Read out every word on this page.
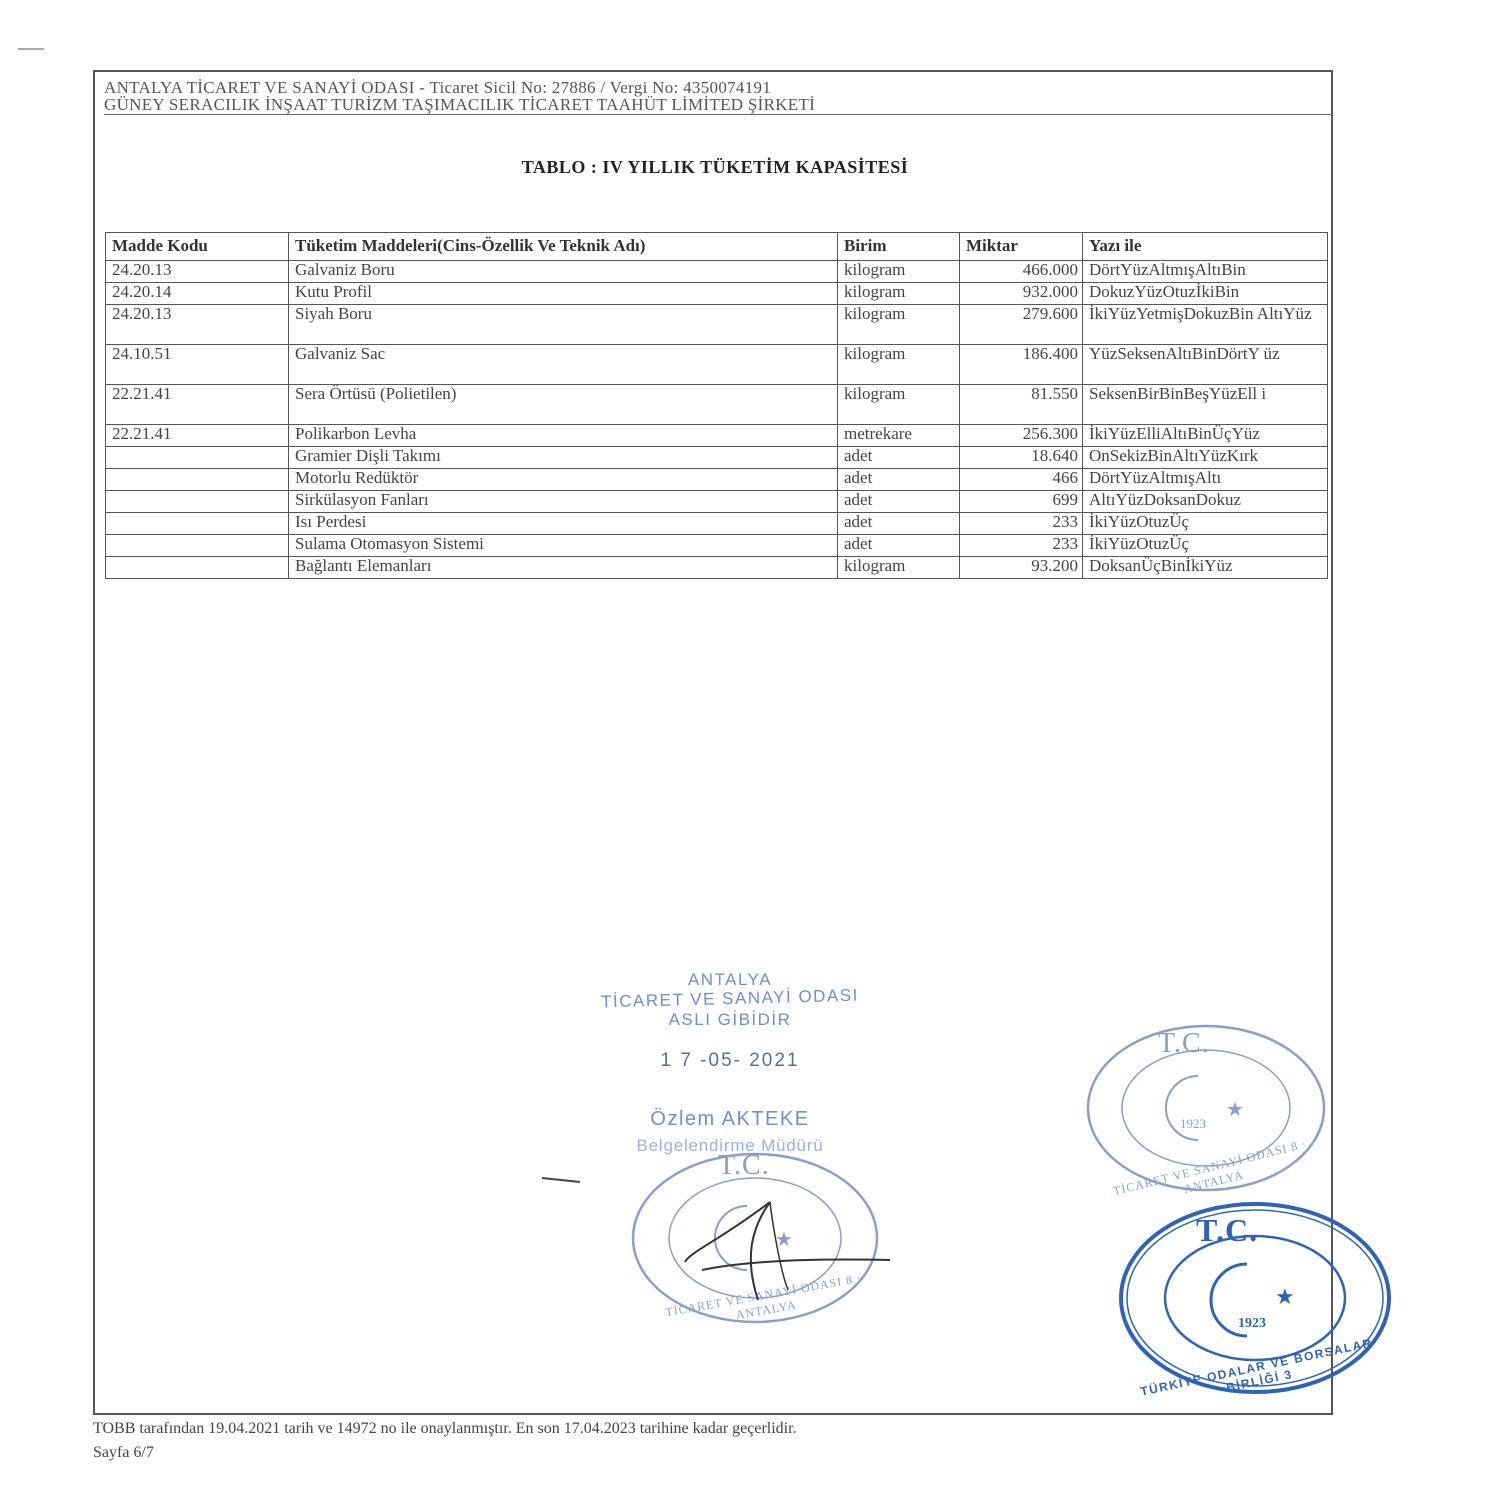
ANTALYA TİCARET VE SANAYİ ODASI - Ticaret Sicil No: 27886 / Vergi No: 4350074191
GÜNEY SERACILIK İNŞAAT TURİZM TAŞIMACILIK TİCARET TAAHÜT LİMİTED ŞİRKETİ
TABLO : IV YILLIK TÜKETİM KAPASİTESİ
Madde Kodu	Tüketim Maddeleri(Cins-Özellik Ve Teknik Adı)	Birim	Miktar	Yazı ile
24.20.13	Galvaniz Boru	kilogram	466.000	DörtYüzAltmışAltıBin
24.20.14	Kutu Profil	kilogram	932.000	DokuzYüzOtuzİkiBin
24.20.13	Siyah Boru	kilogram	279.600	İkiYüzYetmişDokuzBin AltıYüz
24.10.51	Galvaniz Sac	kilogram	186.400	YüzSeksenAltıBinDörtY üz
22.21.41	Sera Örtüsü (Polietilen)	kilogram	81.550	SeksenBirBinBeşYüzEll i
22.21.41	Polikarbon Levha	metrekare	256.300	İkiYüzElliAltıBinÜçYüz
	Gramier Dişli Takımı	adet	18.640	OnSekizBinAltıYüzKırk
	Motorlu Redüktör	adet	466	DörtYüzAltmışAltı
	Sirkülasyon Fanları	adet	699	AltıYüzDoksanDokuz
	Isı Perdesi	adet	233	İkiYüzOtuzÜç
	Sulama Otomasyon Sistemi	adet	233	İkiYüzOtuzÜç
	Bağlantı Elemanları	kilogram	93.200	DoksanÜçBinİkiYüz
ANTALYA
TİCARET VE SANAYİ ODASI
ASLI GİBİDİR
1 7 -05- 2021
Özlem AKTEKE
Belgelendirme Müdürü
★
T.C.
1923
TİCARET VE SANAYİ ODASI 8 · ANTALYA
★
T.C.
TİCARET VE SANAYİ ODASI 8 · ANTALYA
★
T.C.
1923
TÜRKİYE ODALAR VE BORSALAR BİRLİĞİ 3
TOBB tarafından 19.04.2021 tarih ve 14972 no ile onaylanmıştır. En son 17.04.2023 tarihine kadar geçerlidir.
Sayfa 6/7
